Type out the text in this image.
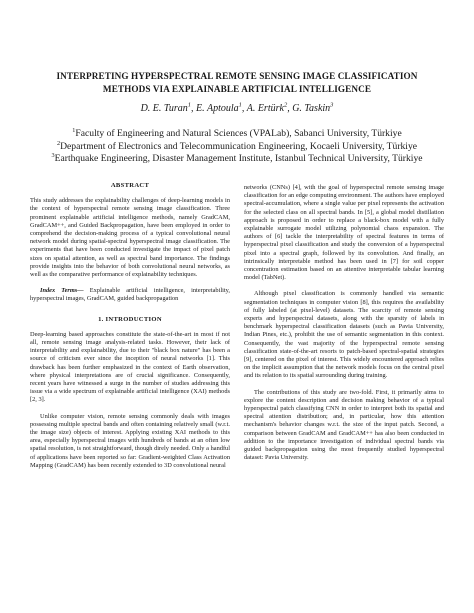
INTERPRETING HYPERSPECTRAL REMOTE SENSING IMAGE CLASSIFICATION
METHODS VIA EXPLAINABLE ARTIFICIAL INTELLIGENCE

D. E. Turan$^1$, E. Aptoula$^1$, A. Ertürk$^2$, G. Taskin$^3$

$^1$Faculty of Engineering and Natural Sciences (VPALab), Sabanci University, Türkiye
$^2$Department of Electronics and Telecommunication Engineering, Kocaeli University, Türkiye
$^3$Earthquake Engineering, Disaster Management Institute, Istanbul Technical University, Türkiye
ABSTRACT

This study addresses the explainability challenges of deep-learning models in the context of hyperspectral remote sensing image classification. Three prominent explainable artificial intelligence methods, namely GradCAM, GradCAM++, and Guided Backpropagation, have been employed in order to comprehend the decision-making process of a typical convolutional neural network model during spatial-spectral hyperspectral image classification. The experiments that have been conducted investigate the impact of pixel patch sizes on spatial attention, as well as spectral band importance. The findings provide insights into the behavior of both convolutional neural networks, as well as the comparative performance of explainability techniques.

Index Terms— Explainable artificial intelligence, interpretability, hyperspectral images, GradCAM, guided backpropagation

1. INTRODUCTION

Deep-learning based approaches constitute the state-of-the-art in most if not all, remote sensing image analysis-related tasks. However, their lack of interpretability and explainability, due to their "black box nature" has been a source of criticism ever since the inception of neural networks [1]. This drawback has been further emphasized in the context of Earth observation, where physical interpretations are of crucial significance. Consequently, recent years have witnessed a surge in the number of studies addressing this issue via a wide spectrum of explainable artificial intelligence (XAI) methods [2, 3].

Unlike computer vision, remote sensing commonly deals with images possessing multiple spectral bands and often containing relatively small (w.r.t. the image size) objects of interest. Applying existing XAI methods to this area, especially hyperspectral images with hundreds of bands at an often low spatial resolution, is not straightforward, though direly needed. Only a handful of applications have been reported so far: Gradient-weighted Class Activation Mapping (GradCAM) has been recently extended to 3D convolutional neural

networks (CNNs) [4], with the goal of hyperspectral remote sensing image classification for an edge computing environment. The authors have employed spectral-accumulation, where a single value per pixel represents the activation for the selected class on all spectral bands. In [5], a global model distillation approach is proposed in order to replace a black-box model with a fully explainable surrogate model utilizing polynomial chaos expansion. The authors of [6] tackle the interpretability of spectral features in terms of hyperspectral pixel classification and study the conversion of a hyperspectral pixel into a spectral graph, followed by its convolution. And finally, an intrinsically interpretable method has been used in [7] for soil copper concentration estimation based on an attentive interpretable tabular learning model (TabNet).

Although pixel classification is commonly handled via semantic segmentation techniques in computer vision [8], this requires the availability of fully labeled (at pixel-level) datasets. The scarcity of remote sensing experts and hyperspectral datasets, along with the sparsity of labels in benchmark hyperspectral classification datasets (such as Pavia University, Indian Pines, etc.), prohibit the use of semantic segmentation in this context. Consequently, the vast majority of the hyperspectral remote sensing classification state-of-the-art resorts to patch-based spectral-spatial strategies [9], centered on the pixel of interest. This widely encountered approach relies on the implicit assumption that the network models focus on the central pixel and its relation to its spatial surrounding during training.

The contributions of this study are two-fold. First, it primarily aims to explore the content description and decision making behavior of a typical hyperspectral patch classifying CNN in order to interpret both its spatial and spectral attention distribution; and, in particular, how this attention mechanism's behavior changes w.r.t. the size of the input patch. Second, a comparison between GradCAM and GradCAM++ has also been conducted in addition to the importance investigation of individual spectral bands via guided backpropagation using the most frequently studied hyperspectral dataset: Pavia University.
